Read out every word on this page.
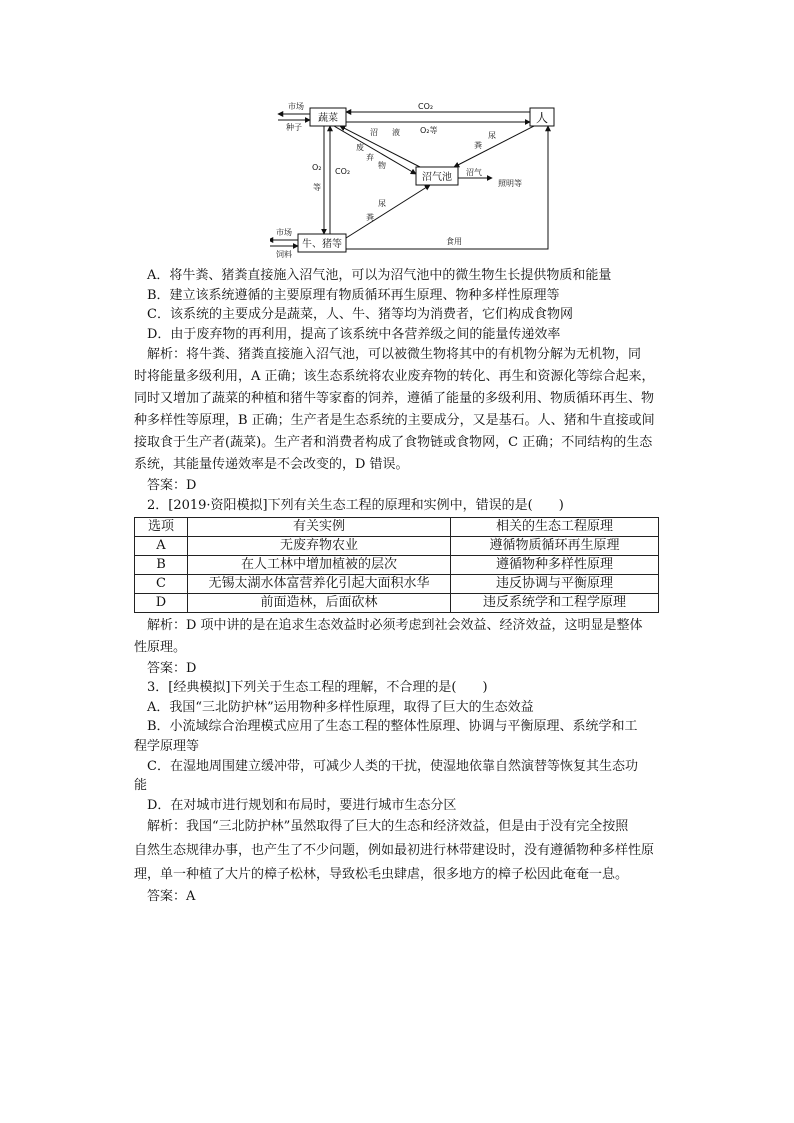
蔬菜	人
沼气池
牛、猪等
市场
种子
CO₂
O₂等
尿
粪
沼 液
废
弃
物
O₂
等
CO₂	沼气
照明等
尿
粪
市场
饲料
食用
A．将牛粪、猪粪直接施入沼气池，可以为沼气池中的微生物生长提供物质和能量
B．建立该系统遵循的主要原理有物质循环再生原理、物种多样性原理等
C．该系统的主要成分是蔬菜，人、牛、猪等均为消费者，它们构成食物网
D．由于废弃物的再利用，提高了该系统中各营养级之间的能量传递效率
解析：将牛粪、猪粪直接施入沼气池，可以被微生物将其中的有机物分解为无机物，同
时将能量多级利用，A 正确；该生态系统将农业废弃物的转化、再生和资源化等综合起来，
同时又增加了蔬菜的种植和猪牛等家畜的饲养，遵循了能量的多级利用、物质循环再生、物
种多样性等原理，B 正确；生产者是生态系统的主要成分，又是基石。人、猪和牛直接或间
接取食于生产者(蔬菜)。生产者和消费者构成了食物链或食物网，C 正确；不同结构的生态
系统，其能量传递效率是不会改变的，D 错误。
答案：D
2．[2019·资阳模拟]下列有关生态工程的原理和实例中，错误的是(　　)
选项	有关实例	相关的生态工程原理
A	无废弃物农业	遵循物质循环再生原理
B	在人工林中增加植被的层次	遵循物种多样性原理
C	无锡太湖水体富营养化引起大面积水华	违反协调与平衡原理
D	前面造林，后面砍林	违反系统学和工程学原理
解析：D 项中讲的是在追求生态效益时必须考虑到社会效益、经济效益，这明显是整体
性原理。
答案：D
3．[经典模拟]下列关于生态工程的理解，不合理的是(　　)
A．我国“三北防护林”运用物种多样性原理，取得了巨大的生态效益
B．小流域综合治理模式应用了生态工程的整体性原理、协调与平衡原理、系统学和工
程学原理等
C．在湿地周围建立缓冲带，可减少人类的干扰，使湿地依靠自然演替等恢复其生态功
能
D．在对城市进行规划和布局时，要进行城市生态分区
解析：我国“三北防护林”虽然取得了巨大的生态和经济效益，但是由于没有完全按照
自然生态规律办事，也产生了不少问题，例如最初进行林带建设时，没有遵循物种多样性原
理，单一种植了大片的樟子松林，导致松毛虫肆虐，很多地方的樟子松因此奄奄一息。
答案：A
